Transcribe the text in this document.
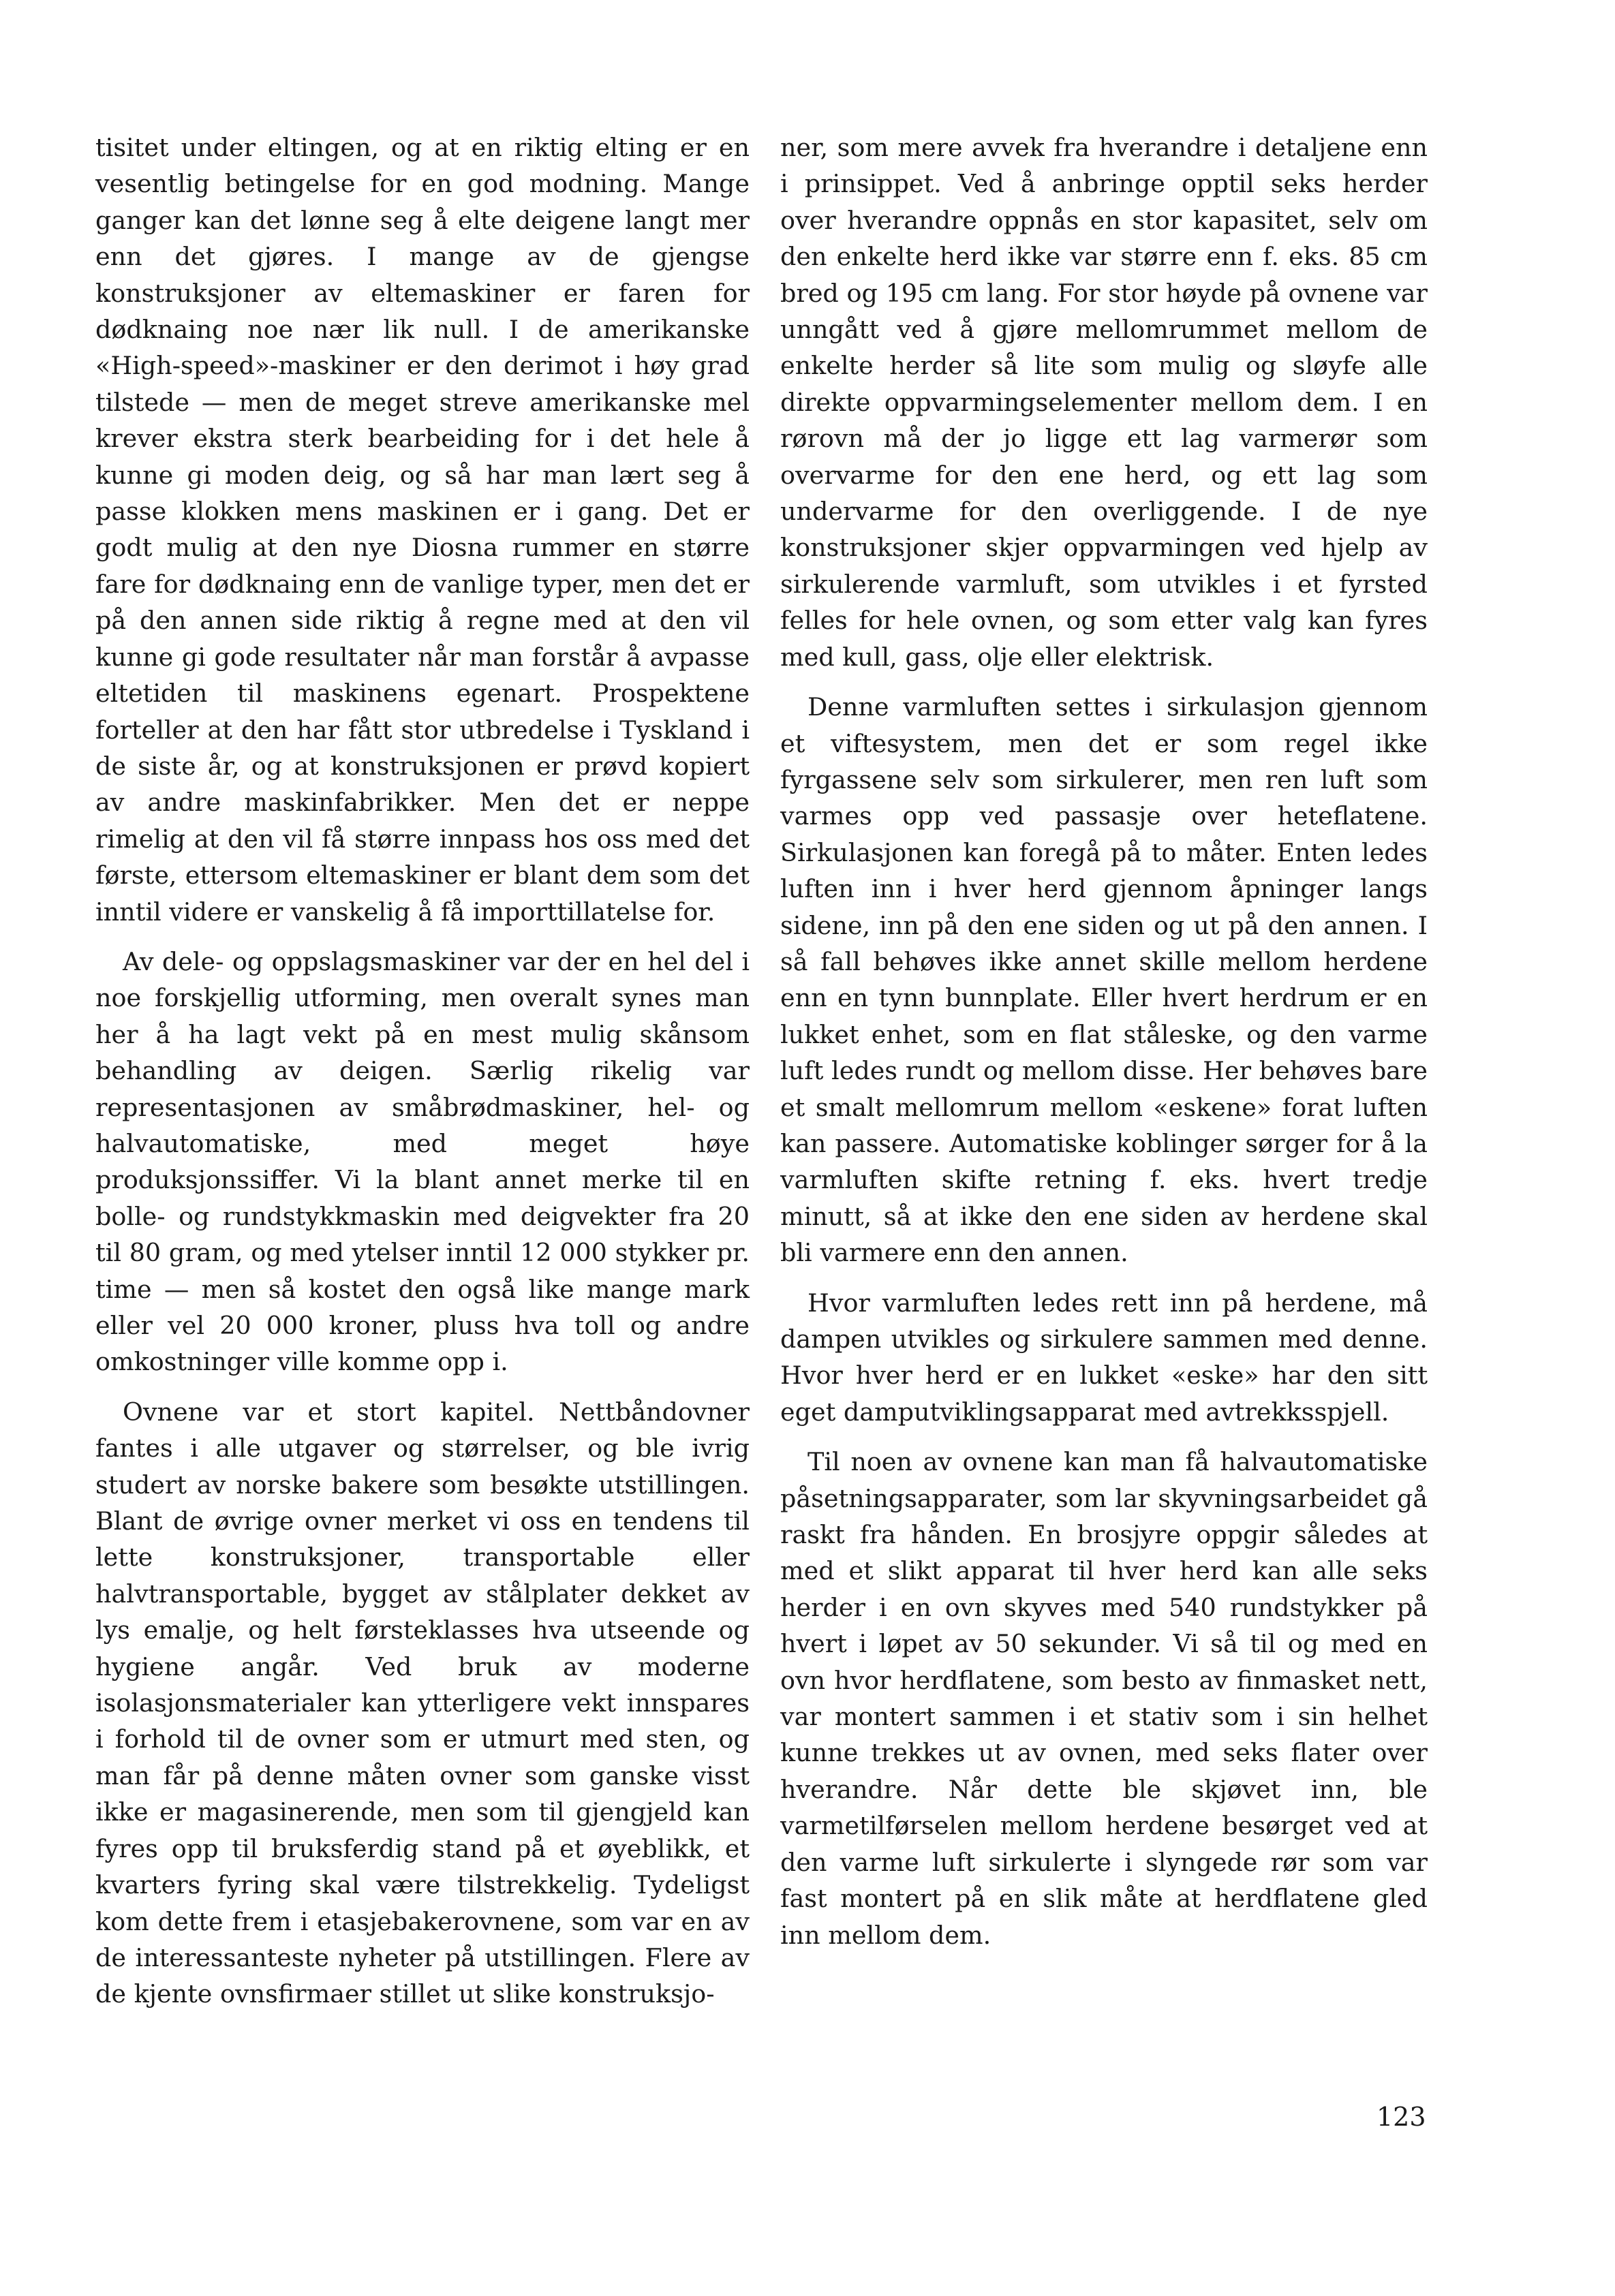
tisitet under eltingen, og at en riktig elting er en vesentlig betingelse for en god modning. Mange ganger kan det lønne seg å elte deigene langt mer enn det gjøres. I mange av de gjengse konstruksjoner av eltemaskiner er faren for dødknaing noe nær lik null. I de amerikanske «High-speed»-maskiner er den derimot i høy grad tilstede — men de meget streve amerikanske mel krever ekstra sterk bearbeiding for i det hele å kunne gi moden deig, og så har man lært seg å passe klokken mens maskinen er i gang. Det er godt mulig at den nye Diosna rummer en større fare for dødknaing enn de vanlige typer, men det er på den annen side riktig å regne med at den vil kunne gi gode resultater når man forstår å avpasse eltetiden til maskinens egenart. Prospektene forteller at den har fått stor utbredelse i Tyskland i de siste år, og at konstruksjonen er prøvd kopiert av andre maskinfabrikker. Men det er neppe rimelig at den vil få større innpass hos oss med det første, ettersom eltemaskiner er blant dem som det inntil videre er vanskelig å få importtillatelse for.

Av dele- og oppslagsmaskiner var der en hel del i noe forskjellig utforming, men overalt synes man her å ha lagt vekt på en mest mulig skånsom behandling av deigen. Særlig rikelig var representasjonen av småbrødmaskiner, hel- og halvautomatiske, med meget høye produksjonssiffer. Vi la blant annet merke til en bolle- og rundstykkmaskin med deigvekter fra 20 til 80 gram, og med ytelser inntil 12 000 stykker pr. time — men så kostet den også like mange mark eller vel 20 000 kroner, pluss hva toll og andre omkostninger ville komme opp i.

Ovnene var et stort kapitel. Nettbåndovner fantes i alle utgaver og størrelser, og ble ivrig studert av norske bakere som besøkte utstillingen. Blant de øvrige ovner merket vi oss en tendens til lette konstruksjoner, transportable eller halvtransportable, bygget av stålplater dekket av lys emalje, og helt førsteklasses hva utseende og hygiene angår. Ved bruk av moderne isolasjonsmaterialer kan ytterligere vekt innspares i forhold til de ovner som er utmurt med sten, og man får på denne måten ovner som ganske visst ikke er magasinerende, men som til gjengjeld kan fyres opp til bruksferdig stand på et øyeblikk, et kvarters fyring skal være tilstrekkelig. Tydeligst kom dette frem i etasjebakerovnene, som var en av de interessanteste nyheter på utstillingen. Flere av de kjente ovnsfirmaer stillet ut slike konstruksjo-

ner, som mere avvek fra hverandre i detaljene enn i prinsippet. Ved å anbringe opptil seks herder over hverandre oppnås en stor kapasitet, selv om den enkelte herd ikke var større enn f. eks. 85 cm bred og 195 cm lang. For stor høyde på ovnene var unngått ved å gjøre mellomrummet mellom de enkelte herder så lite som mulig og sløyfe alle direkte oppvarmingselementer mellom dem. I en rørovn må der jo ligge ett lag varmerør som overvarme for den ene herd, og ett lag som undervarme for den overliggende. I de nye konstruksjoner skjer oppvarmingen ved hjelp av sirkulerende varmluft, som utvikles i et fyrsted felles for hele ovnen, og som etter valg kan fyres med kull, gass, olje eller elektrisk.

Denne varmluften settes i sirkulasjon gjennom et viftesystem, men det er som regel ikke fyrgassene selv som sirkulerer, men ren luft som varmes opp ved passasje over heteflatene. Sirkulasjonen kan foregå på to måter. Enten ledes luften inn i hver herd gjennom åpninger langs sidene, inn på den ene siden og ut på den annen. I så fall behøves ikke annet skille mellom herdene enn en tynn bunnplate. Eller hvert herdrum er en lukket enhet, som en flat ståleske, og den varme luft ledes rundt og mellom disse. Her behøves bare et smalt mellomrum mellom «eskene» forat luften kan passere. Automatiske koblinger sørger for å la varmluften skifte retning f. eks. hvert tredje minutt, så at ikke den ene siden av herdene skal bli varmere enn den annen.

Hvor varmluften ledes rett inn på herdene, må dampen utvikles og sirkulere sammen med denne. Hvor hver herd er en lukket «eske» har den sitt eget damputviklingsapparat med avtrekksspjell.

Til noen av ovnene kan man få halvautomatiske påsetningsapparater, som lar skyvningsarbeidet gå raskt fra hånden. En brosjyre oppgir således at med et slikt apparat til hver herd kan alle seks herder i en ovn skyves med 540 rundstykker på hvert i løpet av 50 sekunder. Vi så til og med en ovn hvor herdflatene, som besto av finmasket nett, var montert sammen i et stativ som i sin helhet kunne trekkes ut av ovnen, med seks flater over hverandre. Når dette ble skjøvet inn, ble varmetilførselen mellom herdene besørget ved at den varme luft sirkulerte i slyngede rør som var fast montert på en slik måte at herdflatene gled inn mellom dem.

123
